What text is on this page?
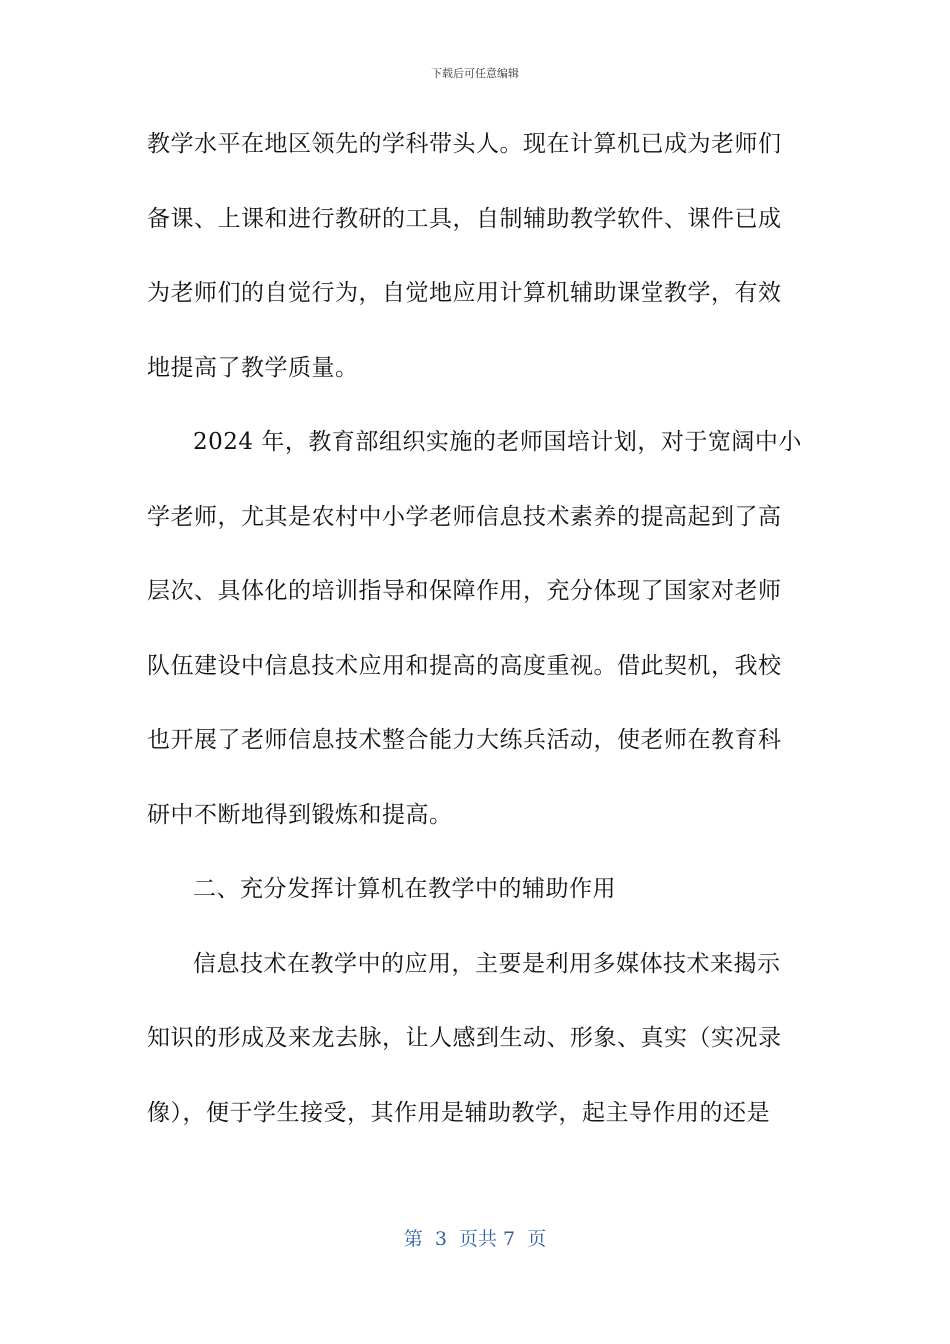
下载后可任意编辑
教学水平在地区领先的学科带头人。现在计算机已成为老师们
备课、上课和进行教研的工具，自制辅助教学软件、课件已成
为老师们的自觉行为，自觉地应用计算机辅助课堂教学，有效
地提高了教学质量。
2024 年，教育部组织实施的老师国培计划，对于宽阔中小
学老师，尤其是农村中小学老师信息技术素养的提高起到了高
层次、具体化的培训指导和保障作用，充分体现了国家对老师
队伍建设中信息技术应用和提高的高度重视。借此契机，我校
也开展了老师信息技术整合能力大练兵活动，使老师在教育科
研中不断地得到锻炼和提高。
二、充分发挥计算机在教学中的辅助作用
信息技术在教学中的应用，主要是利用多媒体技术来揭示
知识的形成及来龙去脉，让人感到生动、形象、真实（实况录
像），便于学生接受，其作用是辅助教学，起主导作用的还是
第  3  页共 7  页
